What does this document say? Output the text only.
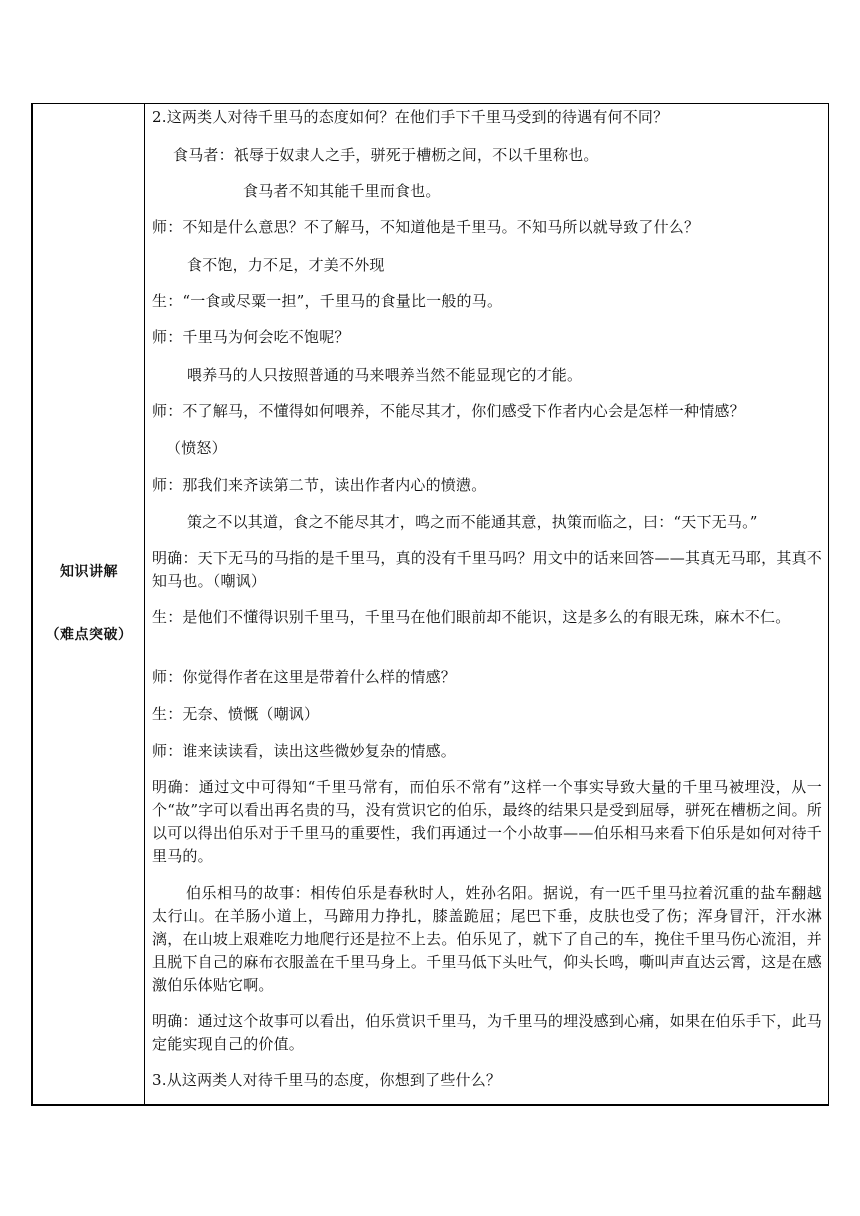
知识讲解
（难点突破）
2.这两类人对待千里马的态度如何？在他们手下千里马受到的待遇有何不同？
食马者：祇辱于奴隶人之手，骈死于槽枥之间，不以千里称也。
食马者不知其能千里而食也。
师：不知是什么意思？不了解马，不知道他是千里马。不知马所以就导致了什么？
食不饱，力不足，才美不外现
生：“一食或尽粟一担”，千里马的食量比一般的马。
师：千里马为何会吃不饱呢？
喂养马的人只按照普通的马来喂养当然不能显现它的才能。
师：不了解马，不懂得如何喂养，不能尽其才，你们感受下作者内心会是怎样一种情感？
（愤怒）
师：那我们来齐读第二节，读出作者内心的愤懑。
策之不以其道，食之不能尽其才，鸣之而不能通其意，执策而临之，曰：“天下无马。”
明确：天下无马的马指的是千里马，真的没有千里马吗？用文中的话来回答——其真无马耶，其真不知马也。（嘲讽）
生：是他们不懂得识别千里马，千里马在他们眼前却不能识，这是多么的有眼无珠，麻木不仁。
师：你觉得作者在这里是带着什么样的情感？
生：无奈、愤慨（嘲讽）
师：谁来读读看，读出这些微妙复杂的情感。
明确：通过文中可得知“千里马常有，而伯乐不常有”这样一个事实导致大量的千里马被埋没，从一个“故”字可以看出再名贵的马，没有赏识它的伯乐，最终的结果只是受到屈辱，骈死在槽枥之间。所以可以得出伯乐对于千里马的重要性，我们再通过一个小故事——伯乐相马来看下伯乐是如何对待千里马的。
伯乐相马的故事：相传伯乐是春秋时人，姓孙名阳。据说，有一匹千里马拉着沉重的盐车翻越太行山。在羊肠小道上，马蹄用力挣扎，膝盖跪屈；尾巴下垂，皮肤也受了伤；浑身冒汗，汗水淋漓，在山坡上艰难吃力地爬行还是拉不上去。伯乐见了，就下了自己的车，挽住千里马伤心流泪，并且脱下自己的麻布衣服盖在千里马身上。千里马低下头吐气，仰头长鸣，嘶叫声直达云霄，这是在感激伯乐体贴它啊。
明确：通过这个故事可以看出，伯乐赏识千里马，为千里马的埋没感到心痛，如果在伯乐手下，此马定能实现自己的价值。
3.从这两类人对待千里马的态度，你想到了些什么？
